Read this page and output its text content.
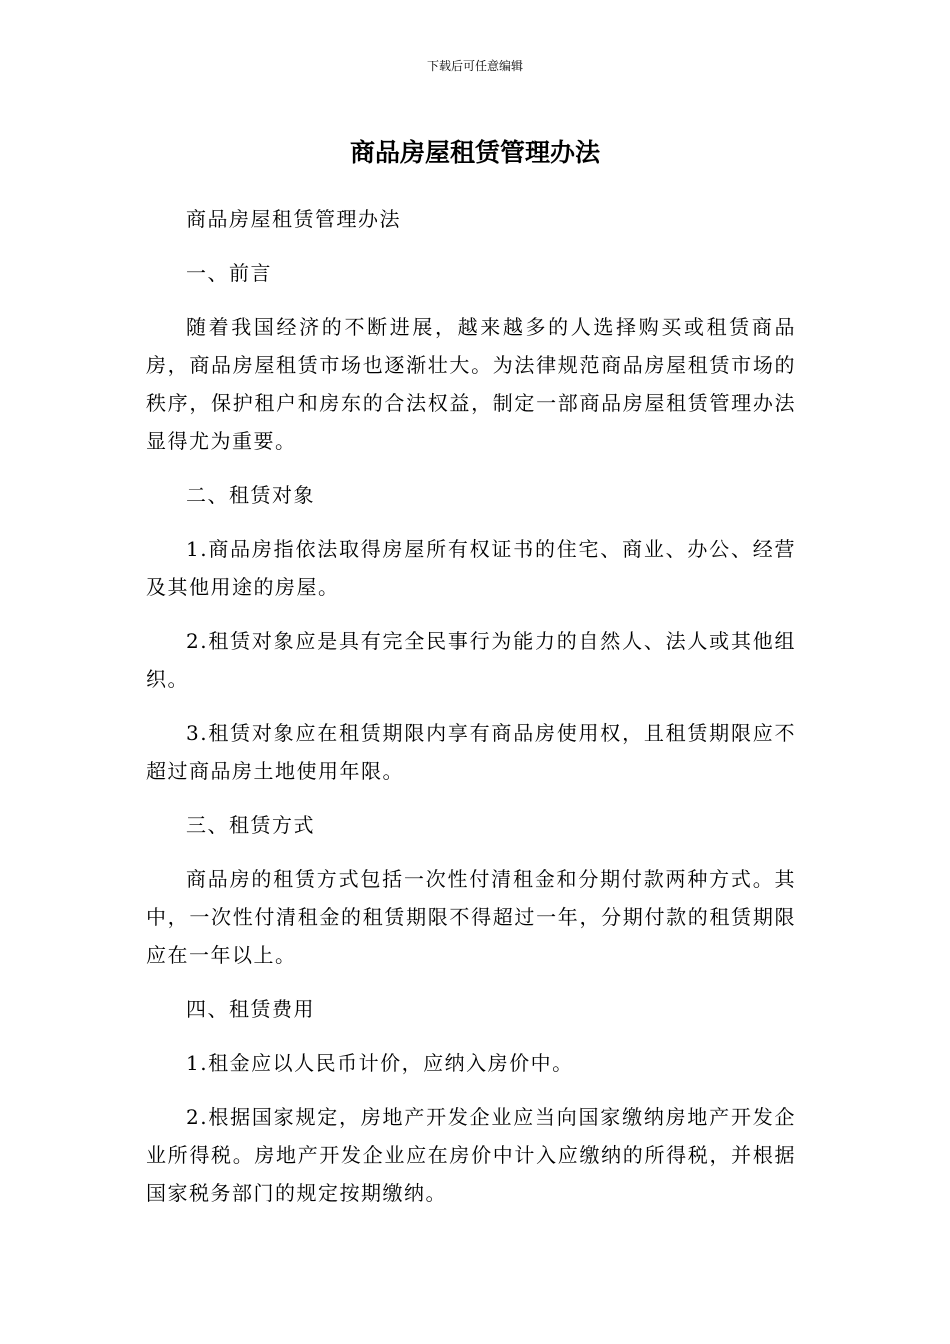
下载后可任意编辑
商品房屋租赁管理办法

商品房屋租赁管理办法

一、前言

随着我国经济的不断进展，越来越多的人选择购买或租赁商品房，商品房屋租赁市场也逐渐壮大。为法律规范商品房屋租赁市场的秩序，保护租户和房东的合法权益，制定一部商品房屋租赁管理办法显得尤为重要。

二、租赁对象

1.商品房指依法取得房屋所有权证书的住宅、商业、办公、经营及其他用途的房屋。

2.租赁对象应是具有完全民事行为能力的自然人、法人或其他组织。

3.租赁对象应在租赁期限内享有商品房使用权，且租赁期限应不超过商品房土地使用年限。

三、租赁方式

商品房的租赁方式包括一次性付清租金和分期付款两种方式。其中，一次性付清租金的租赁期限不得超过一年，分期付款的租赁期限应在一年以上。

四、租赁费用

1.租金应以人民币计价，应纳入房价中。

2.根据国家规定，房地产开发企业应当向国家缴纳房地产开发企业所得税。房地产开发企业应在房价中计入应缴纳的所得税，并根据国家税务部门的规定按期缴纳。
